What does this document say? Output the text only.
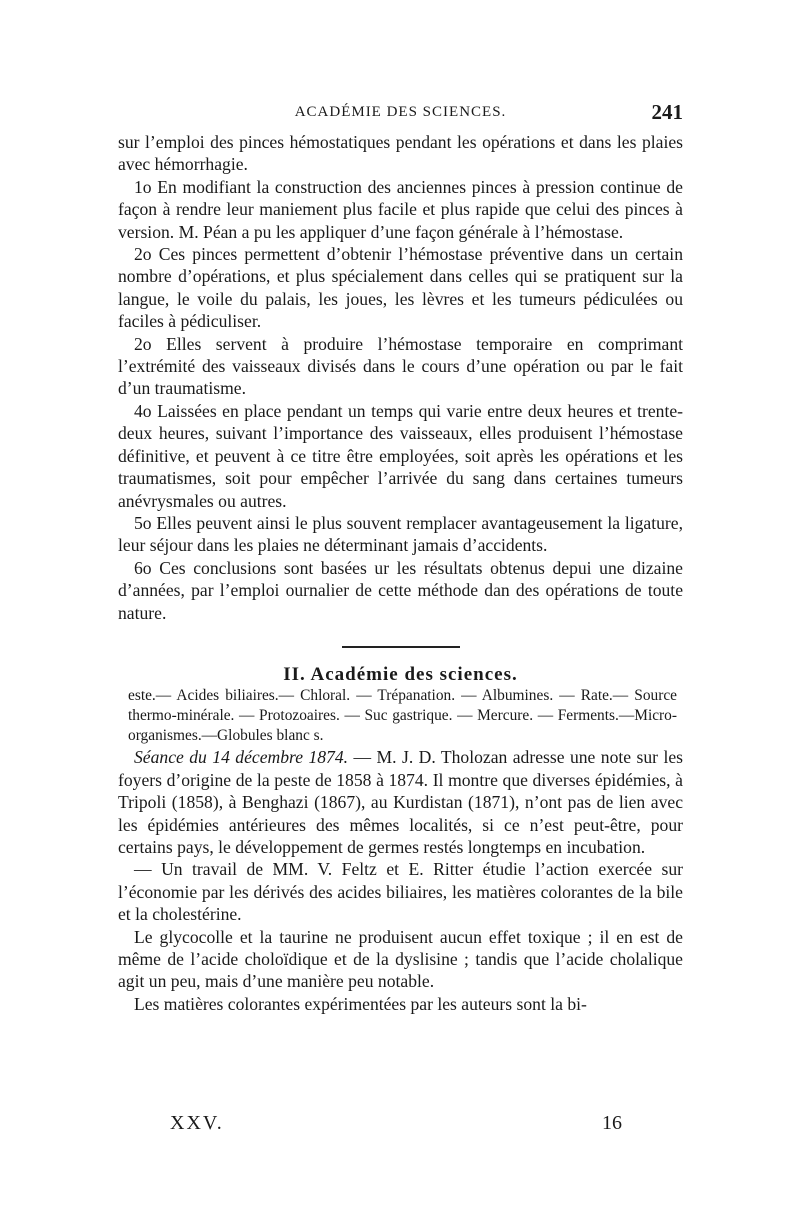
ACADÉMIE DES SCIENCES.	241

sur l’emploi des pinces hémostatiques pendant les opérations et dans les plaies avec hémorrhagie.

1o En modifiant la construction des anciennes pinces à pression continue de façon à rendre leur maniement plus facile et plus rapide que celui des pinces à version. M. Péan a pu les appliquer d’une façon générale à l’hémostase.

2o Ces pinces permettent d’obtenir l’hémostase préventive dans un certain nombre d’opérations, et plus spécialement dans celles qui se pratiquent sur la langue, le voile du palais, les joues, les lèvres et les tumeurs pédiculées ou faciles à pédiculiser.

2o Elles servent à produire l’hémostase temporaire en comprimant l’extrémité des vaisseaux divisés dans le cours d’une opération ou par le fait d’un traumatisme.

4o Laissées en place pendant un temps qui varie entre deux heures et trente-deux heures, suivant l’importance des vaisseaux, elles produisent l’hémostase définitive, et peuvent à ce titre être employées, soit après les opérations et les traumatismes, soit pour empêcher l’arrivée du sang dans certaines tumeurs anévrysmales ou autres.

5o Elles peuvent ainsi le plus souvent remplacer avantageusement la ligature, leur séjour dans les plaies ne déterminant jamais d’accidents.

6o Ces conclusions sont basées ur les résultats obtenus depui une dizaine d’années, par l’emploi ournalier de cette méthode dan des opérations de toute nature.

II. Académie des sciences.

este.— Acides biliaires.— Chloral. — Trépanation. — Albumines. — Rate.— Source thermo-minérale. — Protozoaires. — Suc gastrique. — Mercure. — Ferments.—Micro-organismes.—Globules blanc s.

Séance du 14 décembre 1874. — M. J. D. Tholozan adresse une note sur les foyers d’origine de la peste de 1858 à 1874. Il montre que diverses épidémies, à Tripoli (1858), à Benghazi (1867), au Kurdistan (1871), n’ont pas de lien avec les épidémies antérieures des mêmes localités, si ce n’est peut-être, pour certains pays, le développement de germes restés longtemps en incubation.

— Un travail de MM. V. Feltz et E. Ritter étudie l’action exercée sur l’économie par les dérivés des acides biliaires, les matières colorantes de la bile et la cholestérine.

Le glycocolle et la taurine ne produisent aucun effet toxique ; il en est de même de l’acide choloïdique et de la dyslisine ; tandis que l’acide cholalique agit un peu, mais d’une manière peu notable.

Les matières colorantes expérimentées par les auteurs sont la bi-

XXV.	16
